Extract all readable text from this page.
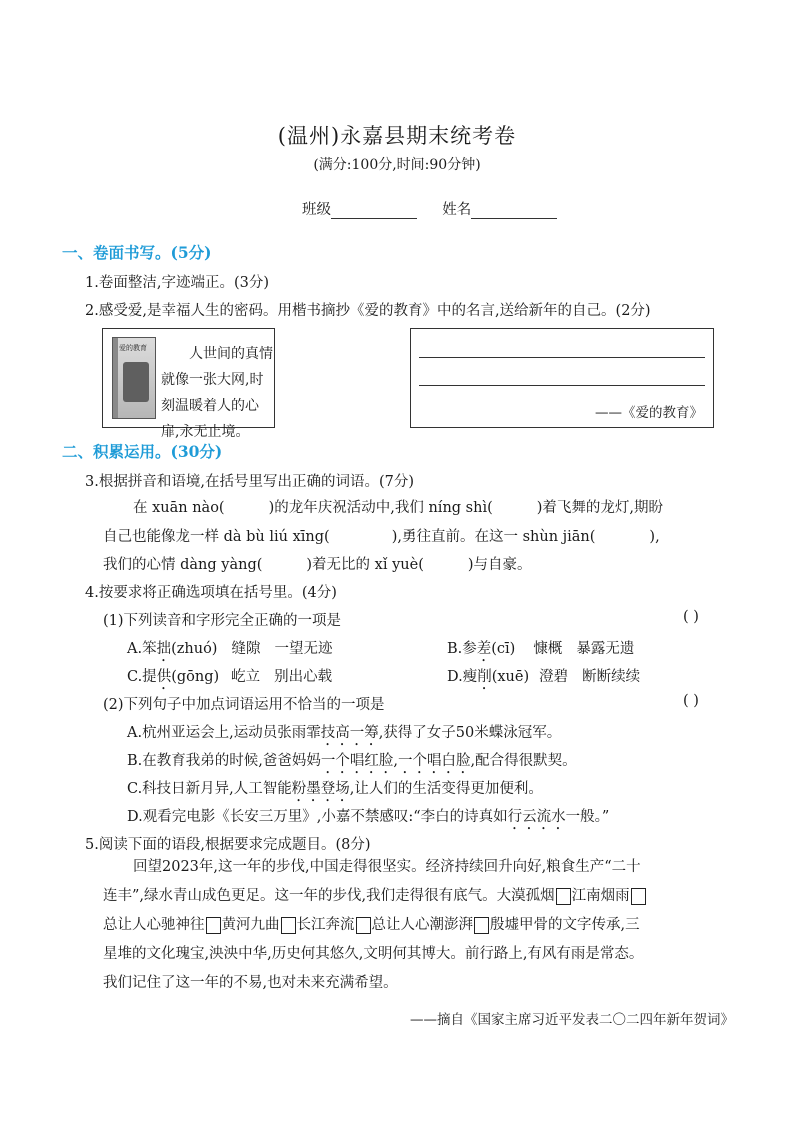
(温州)永嘉县期末统考卷
(满分:100分,时间:90分钟)
班级	姓名
一、卷面书写。(5分)
1.卷面整洁,字迹端正。(3分)
2.感受爱,是幸福人生的密码。用楷书摘抄《爱的教育》中的名言,送给新年的自己。(2分)
爱的教育	人世间的真情就像一张大网,时刻温暖着人的心扉,永无止境。
——《爱的教育》
二、积累运用。(30分)
3.根据拼音和语境,在括号里写出正确的词语。(7分)
在 xuān nào(	)的龙年庆祝活动中,我们 níng shì(	)着飞舞的龙灯,期盼
自己也能像龙一样 dà bù liú xīng(	),勇往直前。在这一 shùn jiān(	),
我们的心情 dàng yàng(	)着无比的 xǐ yuè(	)与自豪。
4.按要求将正确选项填在括号里。(4分)
(1)下列读音和字形完全正确的一项是	( )
A.笨拙(zhuó) 缝隙 一望无迹	B.参差(cī) 慷概 暴露无遗
C.提供(gōng) 屹立 别出心载	D.瘦削(xuē) 澄碧 断断续续
(2)下列句子中加点词语运用不恰当的一项是	( )
A.杭州亚运会上,运动员张雨霏技高一筹,获得了女子50米蝶泳冠军。
B.在教育我弟的时候,爸爸妈妈一个唱红脸,一个唱白脸,配合得很默契。
C.科技日新月异,人工智能粉墨登场,让人们的生活变得更加便利。
D.观看完电影《长安三万里》,小嘉不禁感叹:“李白的诗真如行云流水一般。”
5.阅读下面的语段,根据要求完成题目。(8分)
回望2023年,这一年的步伐,中国走得很坚实。经济持续回升向好,粮食生产“二十
连丰”,绿水青山成色更足。这一年的步伐,我们走得很有底气。大漠孤烟 江南烟雨
总让人心驰神往 黄河九曲 长江奔流 总让人心潮澎湃 殷墟甲骨的文字传承,三
星堆的文化瑰宝,泱泱中华,历史何其悠久,文明何其博大。前行路上,有风有雨是常态。
我们记住了这一年的不易,也对未来充满希望。
——摘自《国家主席习近平发表二〇二四年新年贺词》
